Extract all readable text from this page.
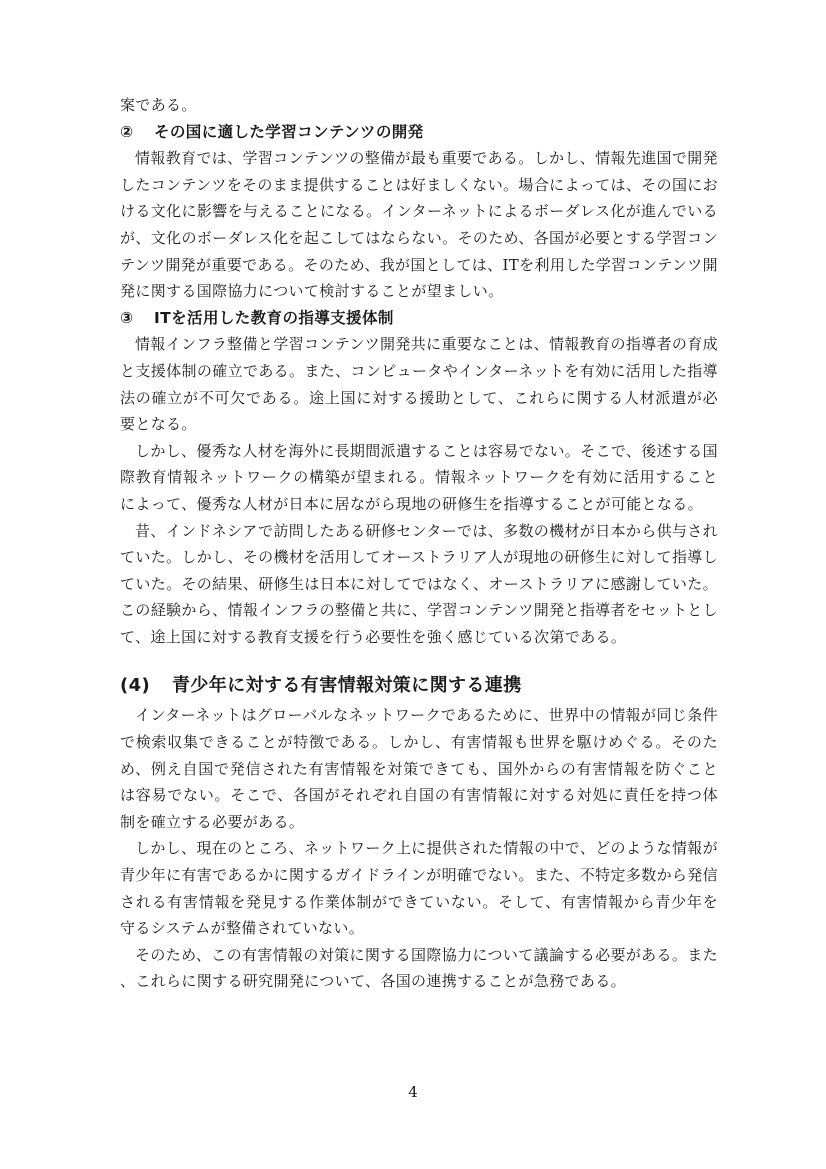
案である。

②	その国に適した学習コンテンツの開発

情報教育では、学習コンテンツの整備が最も重要である。しかし、情報先進国で開発したコンテンツをそのまま提供することは好ましくない。場合によっては、その国における文化に影響を与えることになる。インターネットによるボーダレス化が進んでいるが、文化のボーダレス化を起こしてはならない。そのため、各国が必要とする学習コンテンツ開発が重要である。そのため、我が国としては、ITを利用した学習コンテンツ開発に関する国際協力について検討することが望ましい。

③	ITを活用した教育の指導支援体制

情報インフラ整備と学習コンテンツ開発共に重要なことは、情報教育の指導者の育成と支援体制の確立である。また、コンピュータやインターネットを有効に活用した指導法の確立が不可欠である。途上国に対する援助として、これらに関する人材派遣が必要となる。

しかし、優秀な人材を海外に長期間派遣することは容易でない。そこで、後述する国際教育情報ネットワークの構築が望まれる。情報ネットワークを有効に活用することによって、優秀な人材が日本に居ながら現地の研修生を指導することが可能となる。

昔、インドネシアで訪問したある研修センターでは、多数の機材が日本から供与されていた。しかし、その機材を活用してオーストラリア人が現地の研修生に対して指導していた。その結果、研修生は日本に対してではなく、オーストラリアに感謝していた。この経験から、情報インフラの整備と共に、学習コンテンツ開発と指導者をセットとして、途上国に対する教育支援を行う必要性を強く感じている次第である。

(4)	青少年に対する有害情報対策に関する連携

インターネットはグローバルなネットワークであるために、世界中の情報が同じ条件で検索収集できることが特徴である。しかし、有害情報も世界を駆けめぐる。そのため、例え自国で発信された有害情報を対策できても、国外からの有害情報を防ぐことは容易でない。そこで、各国がそれぞれ自国の有害情報に対する対処に責任を持つ体制を確立する必要がある。

しかし、現在のところ、ネットワーク上に提供された情報の中で、どのような情報が青少年に有害であるかに関するガイドラインが明確でない。また、不特定多数から発信される有害情報を発見する作業体制ができていない。そして、有害情報から青少年を守るシステムが整備されていない。

そのため、この有害情報の対策に関する国際協力について議論する必要がある。また、これらに関する研究開発について、各国の連携することが急務である。

4
